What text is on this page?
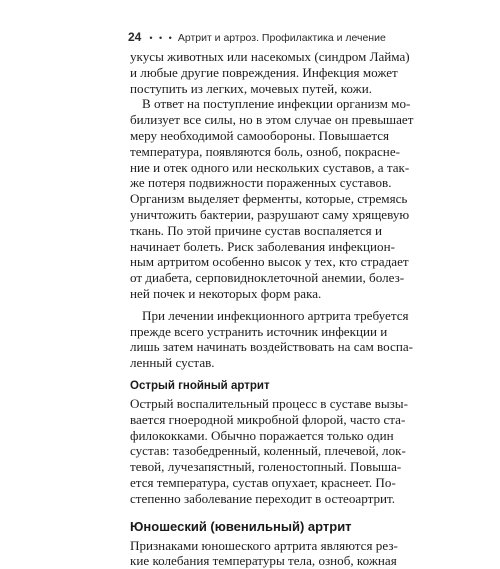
24 • • • Артрит и артроз. Профилактика и лечение
укусы животных или насекомых (синдром Лайма)
и любые другие повреждения. Инфекция может
поступить из легких, мочевых путей, кожи.
В ответ на поступление инфекции организм мо-
билизует все силы, но в этом случае он превышает
меру необходимой самообороны. Повышается
температура, появляются боль, озноб, покрасне-
ние и отек одного или нескольких суставов, а так-
же потеря подвижности пораженных суставов.
Организм выделяет ферменты, которые, стремясь
уничтожить бактерии, разрушают саму хрящевую
ткань. По этой причине сустав воспаляется и
начинает болеть. Риск заболевания инфекцион-
ным артритом особенно высок у тех, кто страдает
от диабета, серповидноклеточной анемии, болез-
ней почек и некоторых форм рака.
При лечении инфекционного артрита требуется
прежде всего устранить источник инфекции и
лишь затем начинать воздействовать на сам воспа-
ленный сустав.
Острый гнойный артрит
Острый воспалительный процесс в суставе вызы-
вается гноеродной микробной флорой, часто ста-
филококками. Обычно поражается только один
сустав: тазобедренный, коленный, плечевой, лок-
тевой, лучезапястный, голеностопный. Повыша-
ется температура, сустав опухает, краснеет. По-
степенно заболевание переходит в остеоартрит.
Юношеский (ювенильный) артрит
Признаками юношеского артрита являются рез-
кие колебания температуры тела, озноб, кожная
